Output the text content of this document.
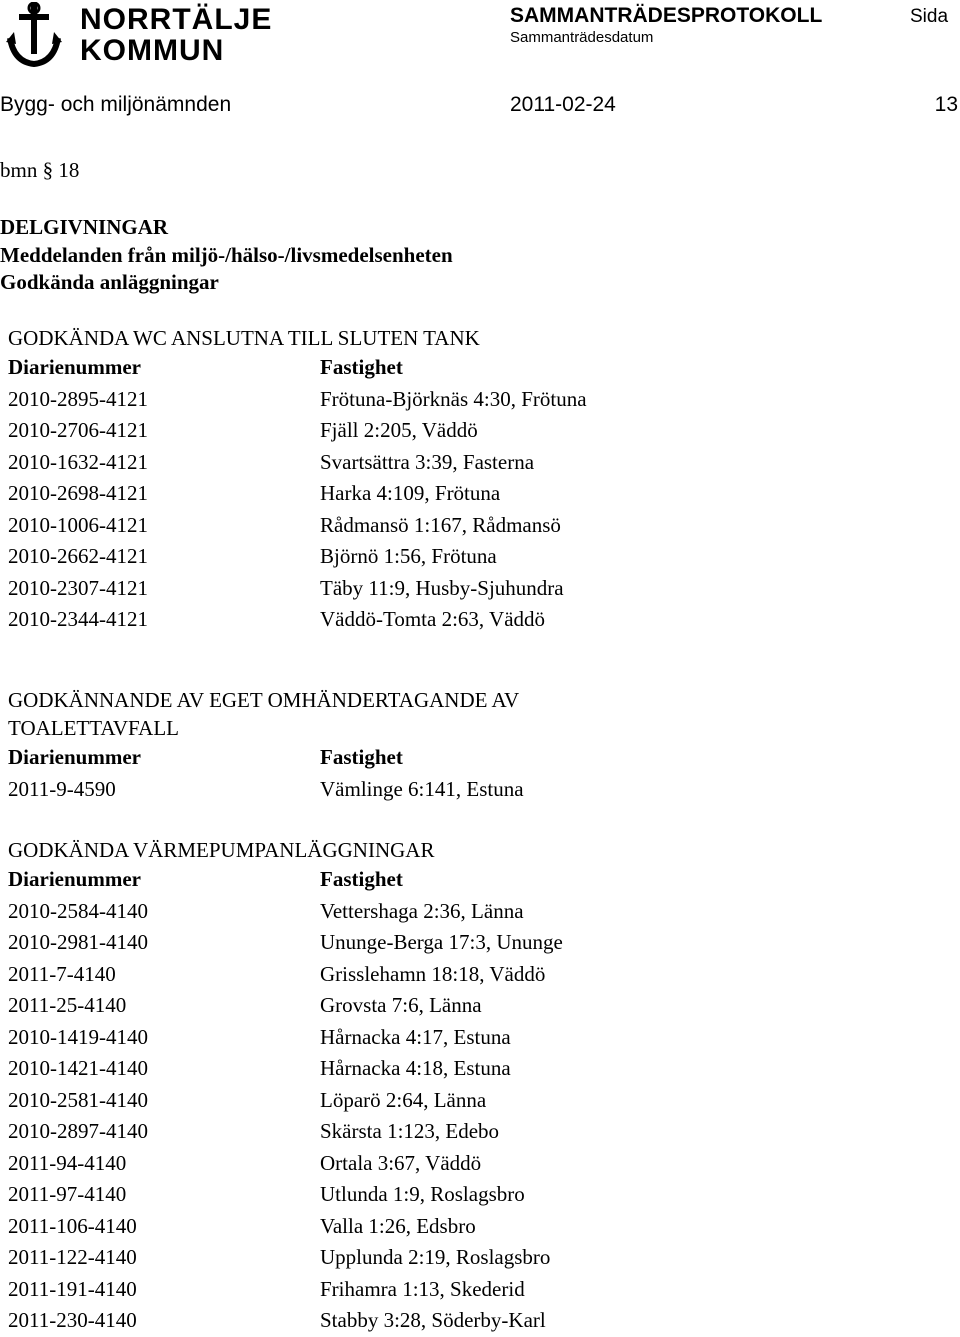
NORRTÄLJE
KOMMUN
SAMMANTRÄDESPROTOKOLL	Sida
Sammanträdesdatum
Bygg- och miljönämnden	2011-02-24	13
bmn § 18
DELGIVNINGAR
Meddelanden från miljö-/hälso-/livsmedelsenheten
Godkända anläggningar
GODKÄNDA WC ANSLUTNA TILL SLUTEN TANK
Diarienummer	Fastighet
2010-2895-4121	Frötuna-Björknäs 4:30, Frötuna
2010-2706-4121	Fjäll 2:205, Väddö
2010-1632-4121	Svartsättra 3:39, Fasterna
2010-2698-4121	Harka 4:109, Frötuna
2010-1006-4121	Rådmansö 1:167, Rådmansö
2010-2662-4121	Björnö 1:56, Frötuna
2010-2307-4121	Täby 11:9, Husby-Sjuhundra
2010-2344-4121	Väddö-Tomta 2:63, Väddö
GODKÄNNANDE AV EGET OMHÄNDERTAGANDE AV
TOALETTAVFALL
Diarienummer	Fastighet
2011-9-4590	Vämlinge 6:141, Estuna
GODKÄNDA VÄRMEPUMPANLÄGGNINGAR
Diarienummer	Fastighet
2010-2584-4140	Vettershaga 2:36, Länna
2010-2981-4140	Ununge-Berga 17:3, Ununge
2011-7-4140	Grisslehamn 18:18, Väddö
2011-25-4140	Grovsta 7:6, Länna
2010-1419-4140	Hårnacka 4:17, Estuna
2010-1421-4140	Hårnacka 4:18, Estuna
2010-2581-4140	Löparö 2:64, Länna
2010-2897-4140	Skärsta 1:123, Edebo
2011-94-4140	Ortala 3:67, Väddö
2011-97-4140	Utlunda 1:9, Roslagsbro
2011-106-4140	Valla 1:26, Edsbro
2011-122-4140	Upplunda 2:19, Roslagsbro
2011-191-4140	Frihamra 1:13, Skederid
2011-230-4140	Stabby 3:28, Söderby-Karl
